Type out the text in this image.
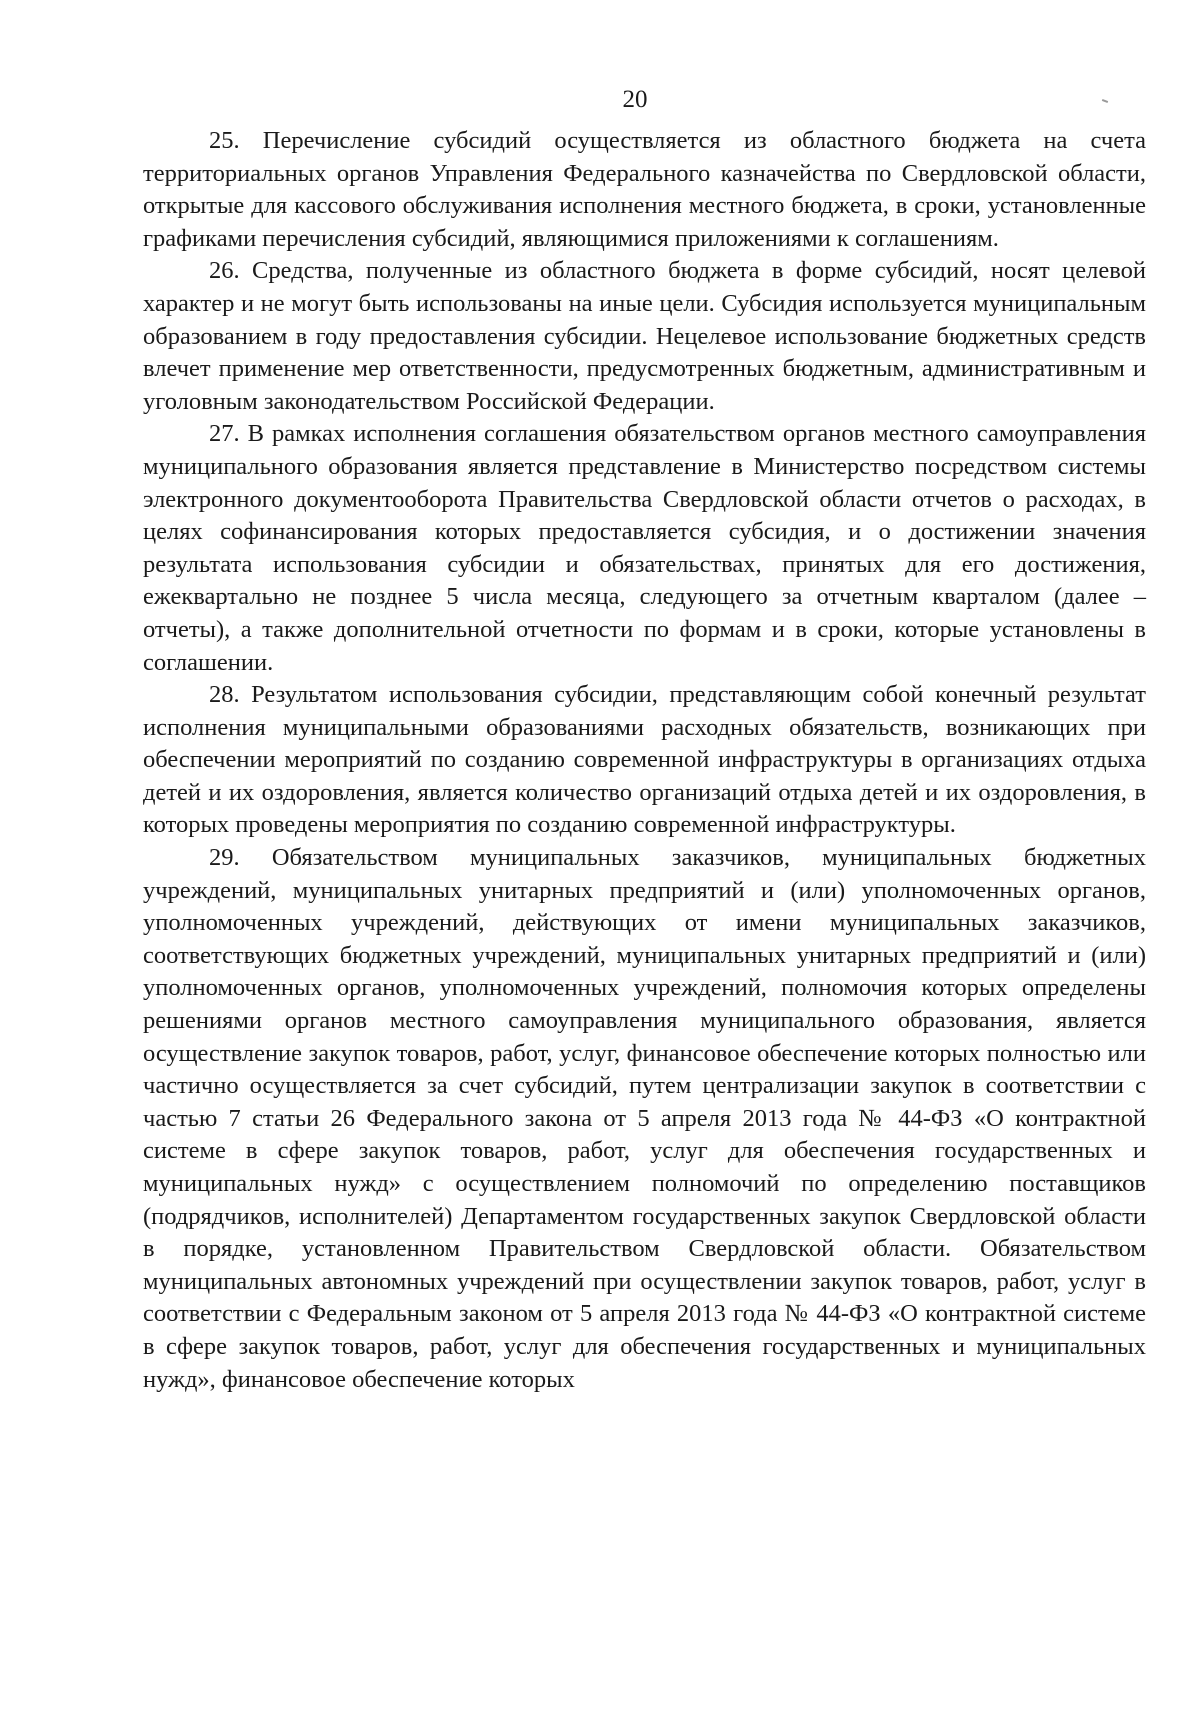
20

25. Перечисление субсидий осуществляется из областного бюджета на счета территориальных органов Управления Федерального казначейства по Свердловской области, открытые для кассового обслуживания исполнения местного бюджета, в сроки, установленные графиками перечисления субсидий, являющимися приложениями к соглашениям.

26. Средства, полученные из областного бюджета в форме субсидий, носят целевой характер и не могут быть использованы на иные цели. Субсидия используется муниципальным образованием в году предоставления субсидии. Нецелевое использование бюджетных средств влечет применение мер ответственности, предусмотренных бюджетным, административным и уголовным законодательством Российской Федерации.

27. В рамках исполнения соглашения обязательством органов местного самоуправления муниципального образования является представление в Министерство посредством системы электронного документооборота Правительства Свердловской области отчетов о расходах, в целях софинансирования которых предоставляется субсидия, и о достижении значения результата использования субсидии и обязательствах, принятых для его достижения, ежеквартально не позднее 5 числа месяца, следующего за отчетным кварталом (далее – отчеты), а также дополнительной отчетности по формам и в сроки, которые установлены в соглашении.

28. Результатом использования субсидии, представляющим собой конечный результат исполнения муниципальными образованиями расходных обязательств, возникающих при обеспечении мероприятий по созданию современной инфраструктуры в организациях отдыха детей и их оздоровления, является количество организаций отдыха детей и их оздоровления, в которых проведены мероприятия по созданию современной инфраструктуры.

29. Обязательством муниципальных заказчиков, муниципальных бюджетных учреждений, муниципальных унитарных предприятий и (или) уполномоченных органов, уполномоченных учреждений, действующих от имени муниципальных заказчиков, соответствующих бюджетных учреждений, муниципальных унитарных предприятий и (или) уполномоченных органов, уполномоченных учреждений, полномочия которых определены решениями органов местного самоуправления муниципального образования, является осуществление закупок товаров, работ, услуг, финансовое обеспечение которых полностью или частично осуществляется за счет субсидий, путем централизации закупок в соответствии с частью 7 статьи 26 Федерального закона от 5 апреля 2013 года № 44-ФЗ «О контрактной системе в сфере закупок товаров, работ, услуг для обеспечения государственных и муниципальных нужд» с осуществлением полномочий по определению поставщиков (подрядчиков, исполнителей) Департаментом государственных закупок Свердловской области в порядке, установленном Правительством Свердловской области. Обязательством муниципальных автономных учреждений при осуществлении закупок товаров, работ, услуг в соответствии с Федеральным законом от 5 апреля 2013 года № 44-ФЗ «О контрактной системе в сфере закупок товаров, работ, услуг для обеспечения государственных и муниципальных нужд», финансовое обеспечение которых
